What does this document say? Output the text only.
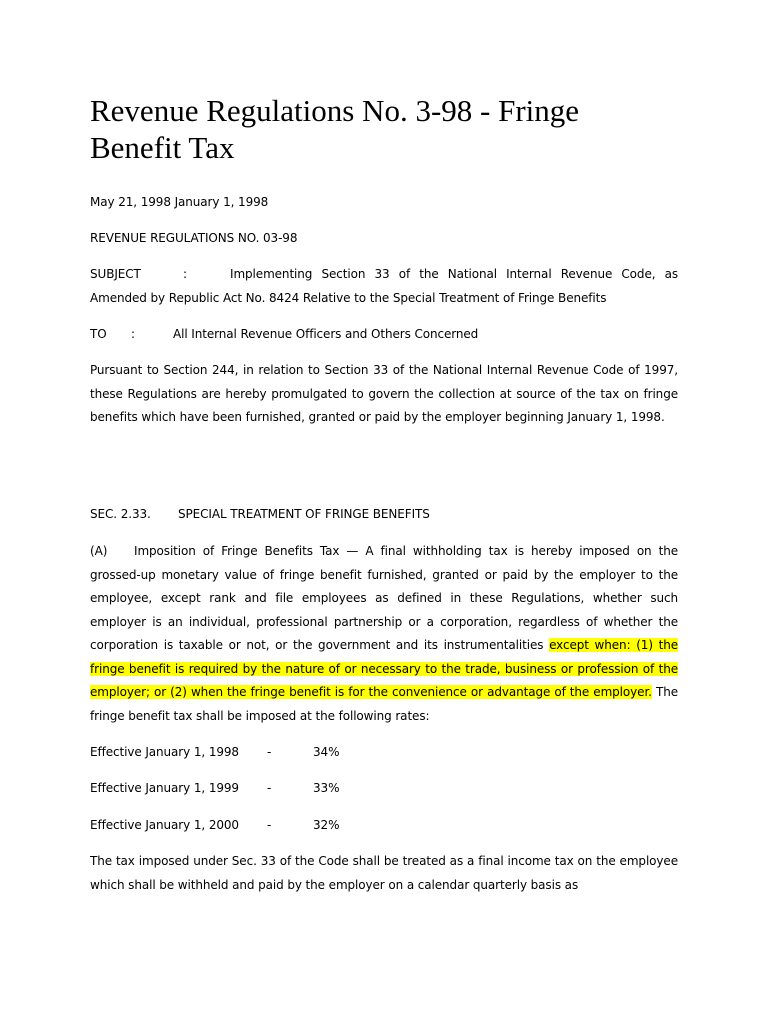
Revenue Regulations No. 3-98 - Fringe Benefit Tax

May 21, 1998 January 1, 1998

REVENUE REGULATIONS NO. 03-98

SUBJECT	:	Implementing Section 33 of the National Internal Revenue Code, as Amended by Republic Act No. 8424 Relative to the Special Treatment of Fringe Benefits

TO :	All Internal Revenue Officers and Others Concerned

Pursuant to Section 244, in relation to Section 33 of the National Internal Revenue Code of 1997, these Regulations are hereby promulgated to govern the collection at source of the tax on fringe benefits which have been furnished, granted or paid by the employer beginning January 1, 1998.

SEC. 2.33. SPECIAL TREATMENT OF FRINGE BENEFITS

(A) Imposition of Fringe Benefits Tax — A final withholding tax is hereby imposed on the grossed-up monetary value of fringe benefit furnished, granted or paid by the employer to the employee, except rank and file employees as defined in these Regulations, whether such employer is an individual, professional partnership or a corporation, regardless of whether the corporation is taxable or not, or the government and its instrumentalities except when: (1) the fringe benefit is required by the nature of or necessary to the trade, business or profession of the employer; or (2) when the fringe benefit is for the convenience or advantage of the employer. The fringe benefit tax shall be imposed at the following rates:

Effective January 1, 1998 -	34%

Effective January 1, 1999 -	33%

Effective January 1, 2000 -	32%

The tax imposed under Sec. 33 of the Code shall be treated as a final income tax on the employee which shall be withheld and paid by the employer on a calendar quarterly basis as
